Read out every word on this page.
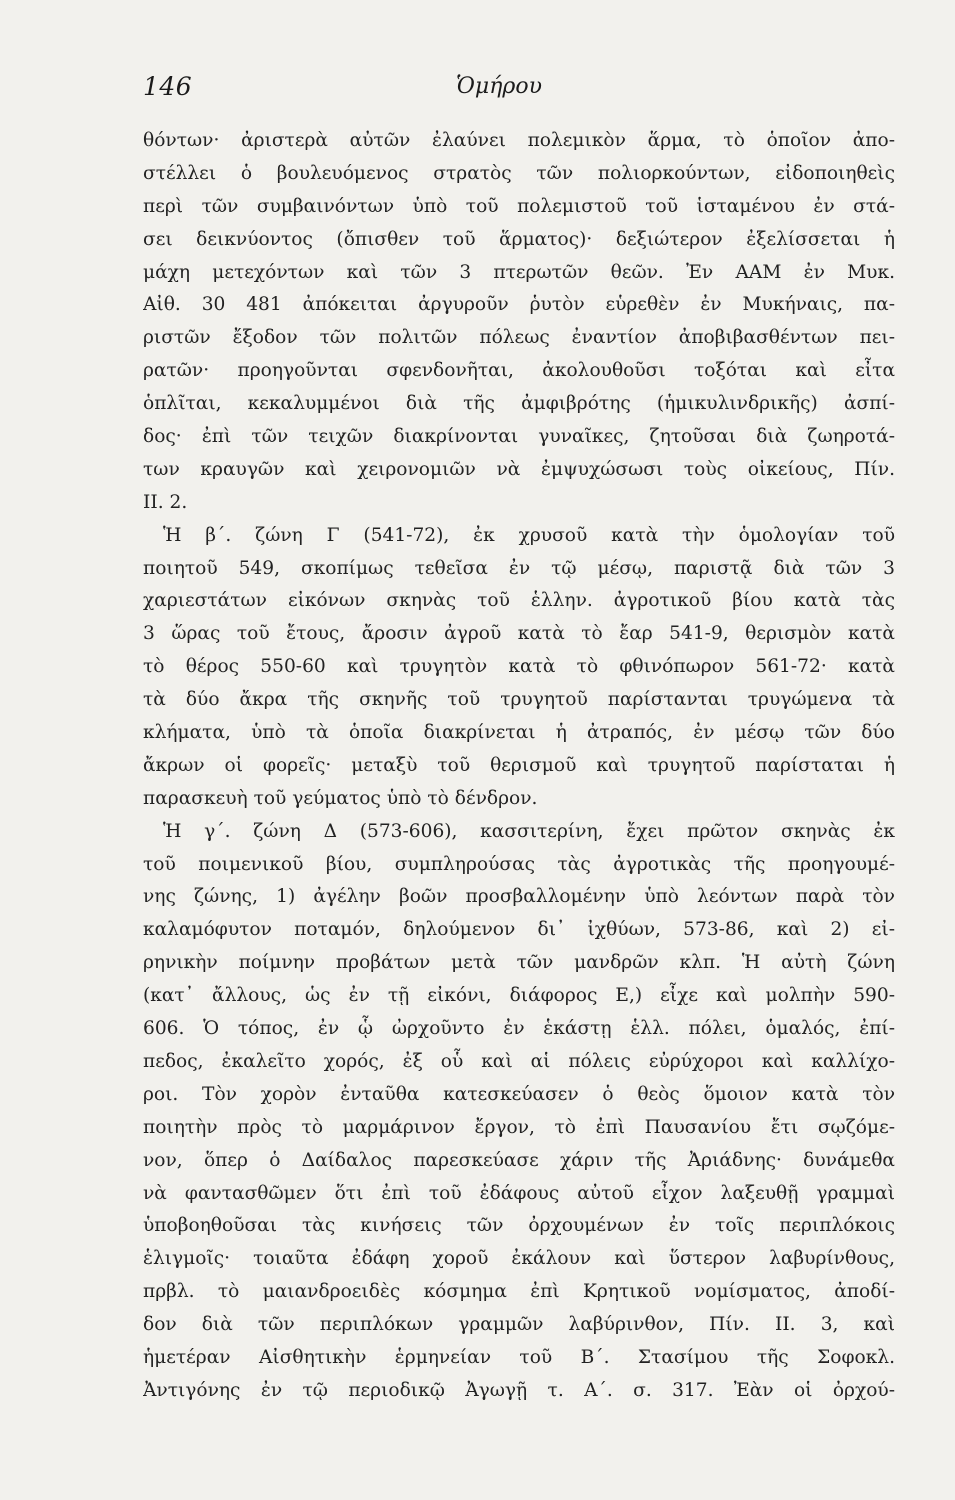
146	Ὁμήρου
θόντων· ἀριστερὰ αὐτῶν ἐλαύνει πολεμικὸν ἅρμα, τὸ ὁποῖον ἀπο-
στέλλει ὁ βουλευόμενος στρατὸς τῶν πολιορκούντων, εἰδοποιηθεὶς
περὶ τῶν συμβαινόντων ὑπὸ τοῦ πολεμιστοῦ τοῦ ἱσταμένου ἐν στά-
σει δεικνύοντος (ὄπισθεν τοῦ ἅρματος)· δεξιώτερον ἐξελίσσεται ἡ
μάχη μετεχόντων καὶ τῶν 3 πτερωτῶν θεῶν. Ἐν ΑΑΜ ἐν Μυκ.
Αἰθ. 30 481 ἀπόκειται ἀργυροῦν ῥυτὸν εὑρεθὲν ἐν Μυκήναις, πα-
ριστῶν ἔξοδον τῶν πολιτῶν πόλεως ἐναντίον ἀποβιβασθέντων πει-
ρατῶν· προηγοῦνται σφενδονῆται, ἀκολουθοῦσι τοξόται καὶ εἶτα
ὁπλῖται, κεκαλυμμένοι διὰ τῆς ἀμφιβρότης (ἡμικυλινδρικῆς) ἀσπί-
δος· ἐπὶ τῶν τειχῶν διακρίνονται γυναῖκες, ζητοῦσαι διὰ ζωηροτά-
των κραυγῶν καὶ χειρονομιῶν νὰ ἐμψυχώσωσι τοὺς οἰκείους, Πίν.
ΙΙ. 2.
Ἡ β΄. ζώνη Γ (541-72), ἐκ χρυσοῦ κατὰ τὴν ὁμολογίαν τοῦ
ποιητοῦ 549, σκοπίμως τεθεῖσα ἐν τῷ μέσῳ, παριστᾷ διὰ τῶν 3
χαριεστάτων εἰκόνων σκηνὰς τοῦ ἑλλην. ἀγροτικοῦ βίου κατὰ τὰς
3 ὥρας τοῦ ἔτους, ἄροσιν ἀγροῦ κατὰ τὸ ἔαρ 541-9, θερισμὸν κατὰ
τὸ θέρος 550-60 καὶ τρυγητὸν κατὰ τὸ φθινόπωρον 561-72· κατὰ
τὰ δύο ἄκρα τῆς σκηνῆς τοῦ τρυγητοῦ παρίστανται τρυγώμενα τὰ
κλήματα, ὑπὸ τὰ ὁποῖα διακρίνεται ἡ ἀτραπός, ἐν μέσῳ τῶν δύο
ἄκρων οἱ φορεῖς· μεταξὺ τοῦ θερισμοῦ καὶ τρυγητοῦ παρίσταται ἡ
παρασκευὴ τοῦ γεύματος ὑπὸ τὸ δένδρον.
Ἡ γ΄. ζώνη Δ (573-606), κασσιτερίνη, ἔχει πρῶτον σκηνὰς ἐκ
τοῦ ποιμενικοῦ βίου, συμπληρούσας τὰς ἀγροτικὰς τῆς προηγουμέ-
νης ζώνης, 1) ἀγέλην βοῶν προσβαλλομένην ὑπὸ λεόντων παρὰ τὸν
καλαμόφυτον ποταμόν, δηλούμενον δι᾽ ἰχθύων, 573-86, καὶ 2) εἰ-
ρηνικὴν ποίμνην προβάτων μετὰ τῶν μανδρῶν κλπ. Ἡ αὐτὴ ζώνη
(κατ᾽ ἄλλους, ὡς ἐν τῇ εἰκόνι, διάφορος Ε,) εἶχε καὶ μολπὴν 590-
606. Ὁ τόπος, ἐν ᾧ ὠρχοῦντο ἐν ἑκάστῃ ἑλλ. πόλει, ὁμαλός, ἐπί-
πεδος, ἐκαλεῖτο χορός, ἐξ οὗ καὶ αἱ πόλεις εὐρύχοροι καὶ καλλίχο-
ροι. Τὸν χορὸν ἐνταῦθα κατεσκεύασεν ὁ θεὸς ὅμοιον κατὰ τὸν
ποιητὴν πρὸς τὸ μαρμάρινον ἔργον, τὸ ἐπὶ Παυσανίου ἔτι σῳζόμε-
νον, ὅπερ ὁ Δαίδαλος παρεσκεύασε χάριν τῆς Ἀριάδνης· δυνάμεθα
νὰ φαντασθῶμεν ὅτι ἐπὶ τοῦ ἐδάφους αὐτοῦ εἶχον λαξευθῇ γραμμαὶ
ὑποβοηθοῦσαι τὰς κινήσεις τῶν ὀρχουμένων ἐν τοῖς περιπλόκοις
ἑλιγμοῖς· τοιαῦτα ἐδάφη χοροῦ ἐκάλουν καὶ ὕστερον λαβυρίνθους,
πρβλ. τὸ μαιανδροειδὲς κόσμημα ἐπὶ Κρητικοῦ νομίσματος, ἀποδί-
δον διὰ τῶν περιπλόκων γραμμῶν λαβύρινθον, Πίν. ΙΙ. 3, καὶ
ἡμετέραν Αἰσθητικὴν ἑρμηνείαν τοῦ Β΄. Στασίμου τῆς Σοφοκλ.
Ἀντιγόνης ἐν τῷ περιοδικῷ Ἀγωγῇ τ. Α΄. σ. 317. Ἐὰν οἱ ὀρχού-
